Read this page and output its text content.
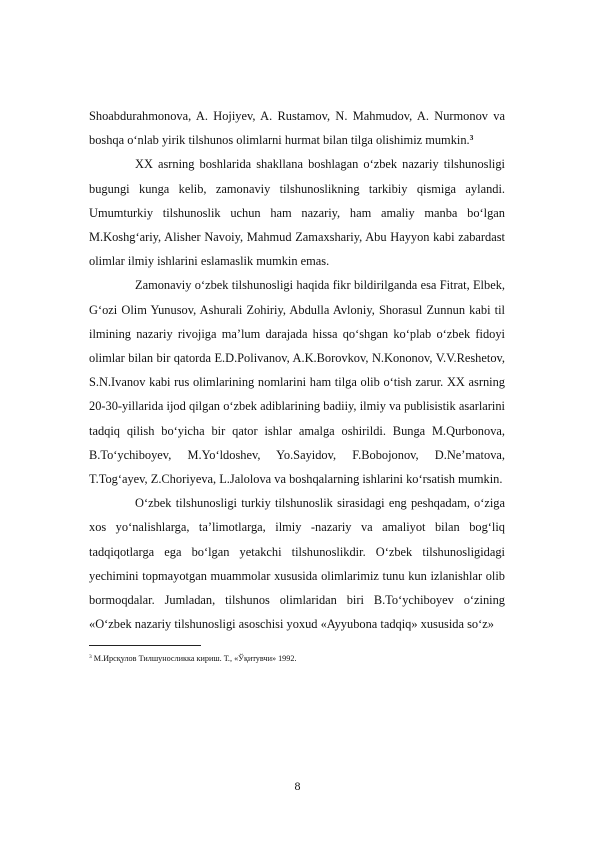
Shoabdurahmonova, A. Hojiyev, A. Rustamov, N. Mahmudov, A. Nurmonov va boshqa o‘nlab yirik tilshunos olimlarni hurmat bilan tilga olishimiz mumkin.$^3$

XX asrning boshlarida shakllana boshlagan o‘zbek nazariy tilshunosligi bugungi kunga kelib, zamonaviy tilshunoslikning tarkibiy qismiga aylandi. Umumturkiy tilshunoslik uchun ham nazariy, ham amaliy manba bo‘lgan M.Koshg‘ariy, Alisher Navoiy, Mahmud Zamaxshariy, Abu Hayyon kabi zabardast olimlar ilmiy ishlarini eslamaslik mumkin emas.

Zamonaviy o‘zbek tilshunosligi haqida fikr bildirilganda esa Fitrat, Elbek, G‘ozi Olim Yunusov, Ashurali Zohiriy, Abdulla Avloniy, Shorasul Zunnun kabi til ilmining nazariy rivojiga ma’lum darajada hissa qo‘shgan ko‘plab o‘zbek fidoyi olimlar bilan bir qatorda E.D.Polivanov, A.K.Borovkov, N.Kononov, V.V.Reshetov, S.N.Ivanov kabi rus olimlarining nomlarini ham tilga olib o‘tish zarur. XX asrning 20-30-yillarida ijod qilgan o‘zbek adiblarining badiiy, ilmiy va publisistik asarlarini tadqiq qilish bo‘yicha bir qator ishlar amalga oshirildi. Bunga M.Qurbonova, B.To‘ychiboyev, M.Yo‘ldoshev, Yo.Sayidov, F.Bobojonov, D.Ne’matova, T.Tog‘ayev, Z.Choriyeva, L.Jalolova va boshqalarning ishlarini ko‘rsatish mumkin.

O‘zbek tilshunosligi turkiy tilshunoslik sirasidagi eng peshqadam, o‘ziga xos yo‘nalishlarga, ta’limotlarga, ilmiy -nazariy va amaliyot bilan bog‘liq tadqiqotlarga ega bo‘lgan yetakchi tilshunoslikdir. O‘zbek tilshunosligidagi yechimini topmayotgan muammolar xususida olimlarimiz tunu kun izlanishlar olib bormoqdalar. Jumladan, tilshunos olimlaridan biri B.To‘ychiboyev o‘zining «O‘zbek nazariy tilshunosligi asoschisi yoxud «Ayyubona tadqiq» xususida so‘z»

$^3$ М.Ирсқулов Тилшуносликка кириш. Т., «Ўқитувчи» 1992.
8
